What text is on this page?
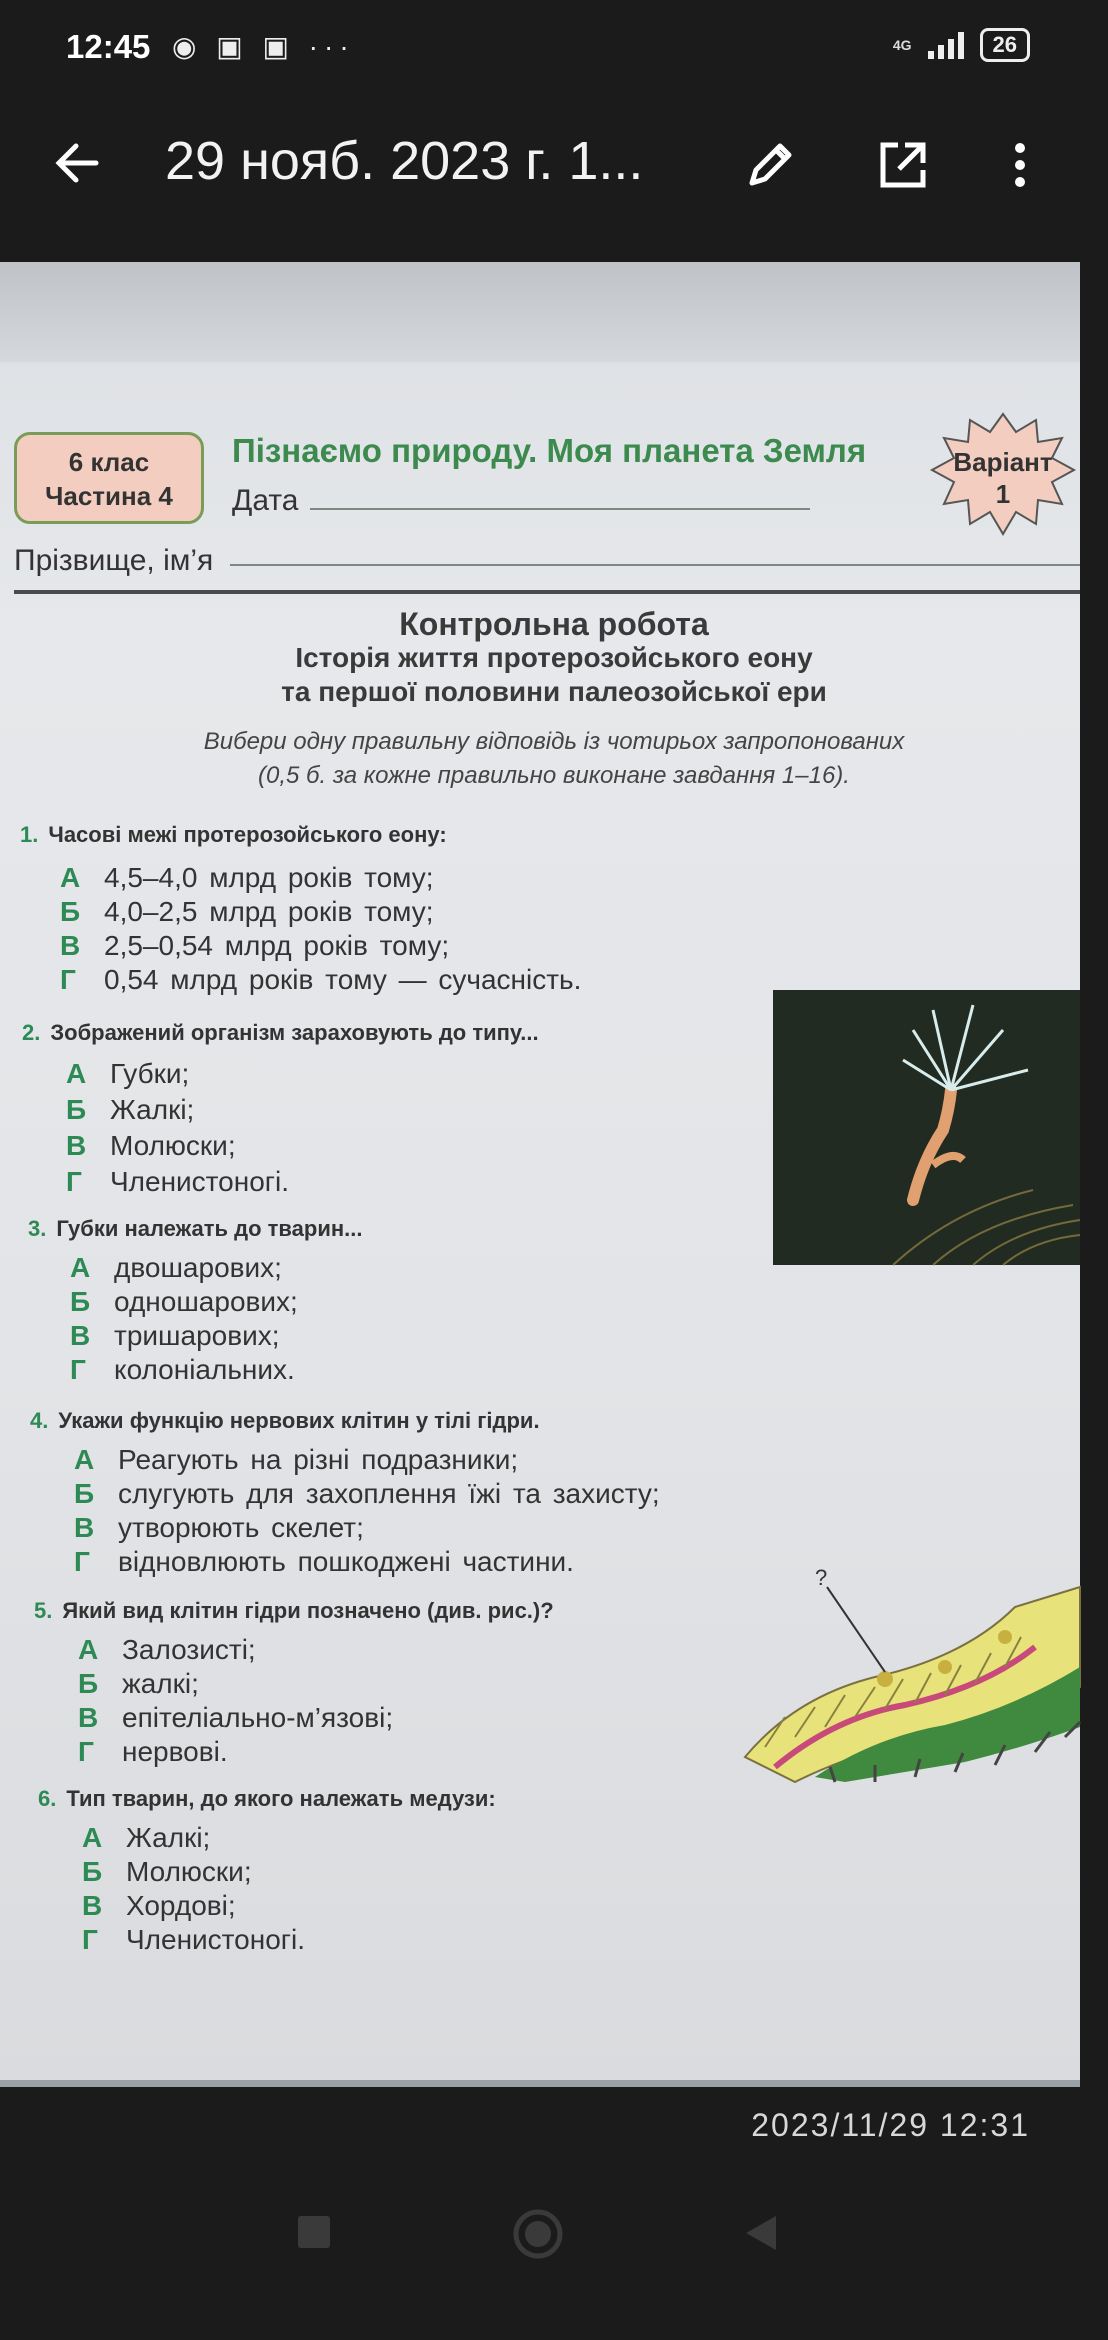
12:45 ◉ ▣ ▣ ···	4G	26
29 нояб. 2023 г. 1...
6 клас
Частина 4
Пізнаємо природу. Моя планета Земля
Дата
Варіант
1
Прізвище, ім’я
Контрольна робота
Історія життя протерозойського еону
та першої половини палеозойської ери
Вибери одну правильну відповідь із чотирьох запропонованих
(0,5 б. за кожне правильно виконане завдання 1–16).
1. Часові межі протерозойського еону:
А 4,5–4,0 млрд років тому;
Б 4,0–2,5 млрд років тому;
В 2,5–0,54 млрд років тому;
Г 0,54 млрд років тому — сучасність.
2. Зображений організм зараховують до типу...
А Губки;
Б Жалкі;
В Молюски;
Г Членистоногі.
3. Губки належать до тварин...
А двошарових;
Б одношарових;
В тришарових;
Г колоніальних.
4. Укажи функцію нервових клітин у тілі гідри.
А Реагують на різні подразники;
Б слугують для захоплення їжі та захисту;
В утворюють скелет;
Г відновлюють пошкоджені частини.
5. Який вид клітин гідри позначено (див. рис.)?
А Залозисті;
Б жалкі;
В епітеліально-м’язові;
Г нервові.
?
6. Тип тварин, до якого належать медузи:
А Жалкі;
Б Молюски;
В Хордові;
Г Членистоногі.
2023/11/29 12:31
